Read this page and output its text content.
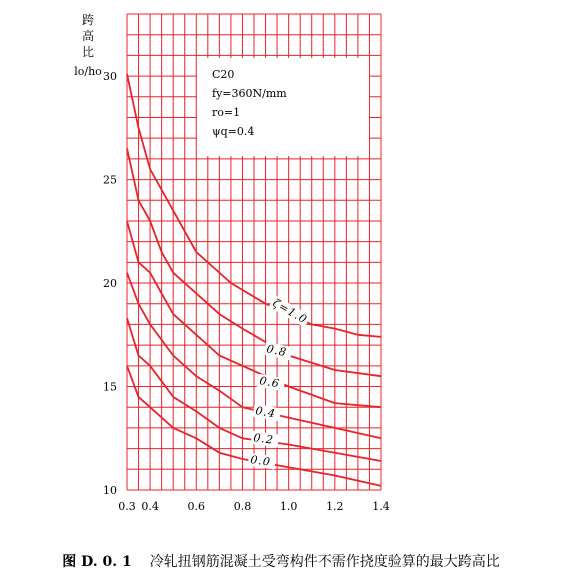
C20
fy=360N/mm
ro=1
ψq=0.4
ζ=1.0
0.8
0.6
0.4
0.2
0.0
10
15
20
25
30
0.3 0.4	0.6	0.8	1.0	1.2	1.4
跨
高
比
lo/ho
图 D. 0. 1 冷轧扭钢筋混凝土受弯构件不需作挠度验算的最大跨高比
